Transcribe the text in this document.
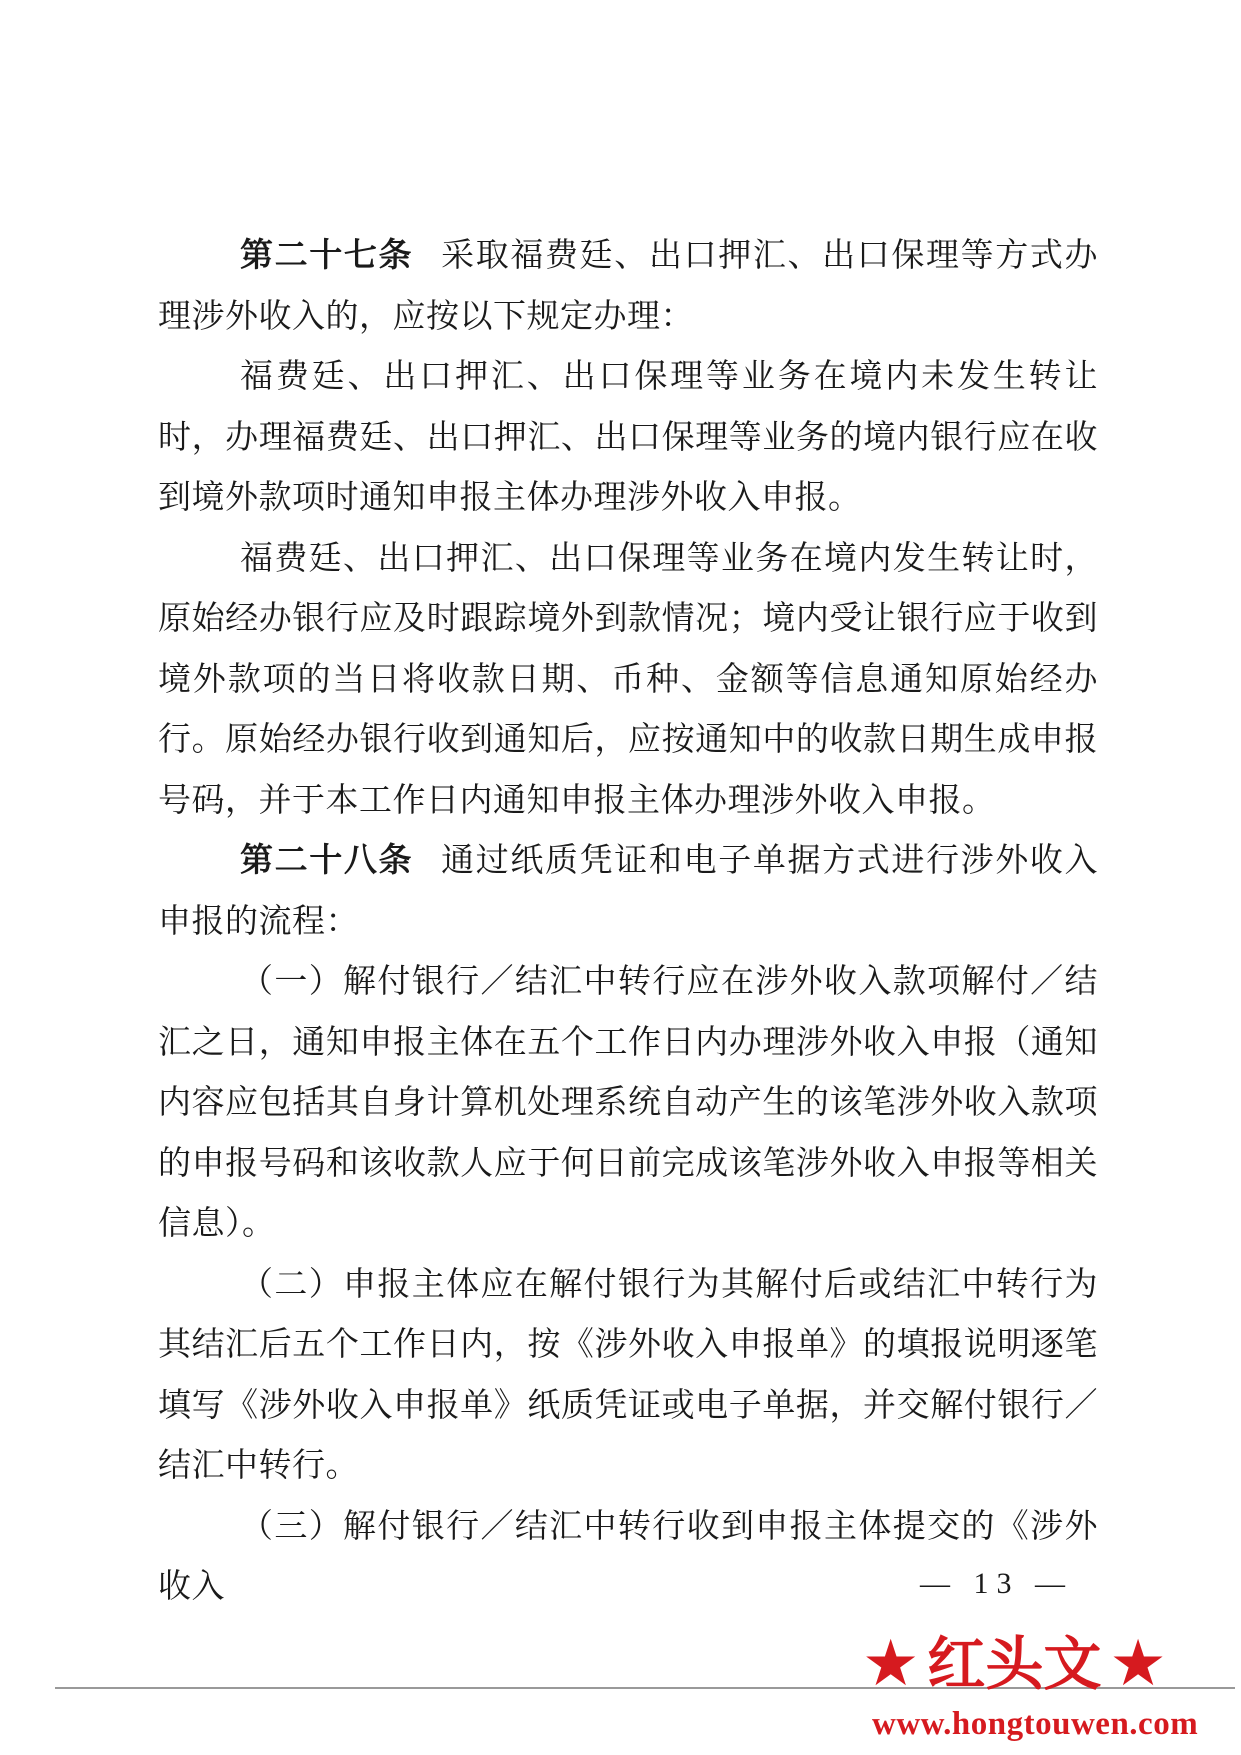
第二十七条 采取福费廷、出口押汇、出口保理等方式办理涉外收入的，应按以下规定办理：

福费廷、出口押汇、出口保理等业务在境内未发生转让时，办理福费廷、出口押汇、出口保理等业务的境内银行应在收到境外款项时通知申报主体办理涉外收入申报。

福费廷、出口押汇、出口保理等业务在境内发生转让时，原始经办银行应及时跟踪境外到款情况；境内受让银行应于收到境外款项的当日将收款日期、币种、金额等信息通知原始经办行。原始经办银行收到通知后，应按通知中的收款日期生成申报号码，并于本工作日内通知申报主体办理涉外收入申报。

第二十八条 通过纸质凭证和电子单据方式进行涉外收入申报的流程：

（一）解付银行／结汇中转行应在涉外收入款项解付／结汇之日，通知申报主体在五个工作日内办理涉外收入申报（通知内容应包括其自身计算机处理系统自动产生的该笔涉外收入款项的申报号码和该收款人应于何日前完成该笔涉外收入申报等相关信息）。

（二）申报主体应在解付银行为其解付后或结汇中转行为其结汇后五个工作日内，按《涉外收入申报单》的填报说明逐笔填写《涉外收入申报单》纸质凭证或电子单据，并交解付银行／结汇中转行。

（三）解付银行／结汇中转行收到申报主体提交的《涉外收入	— 13 —
★ 红头文 ★
www.hongtouwen.com
